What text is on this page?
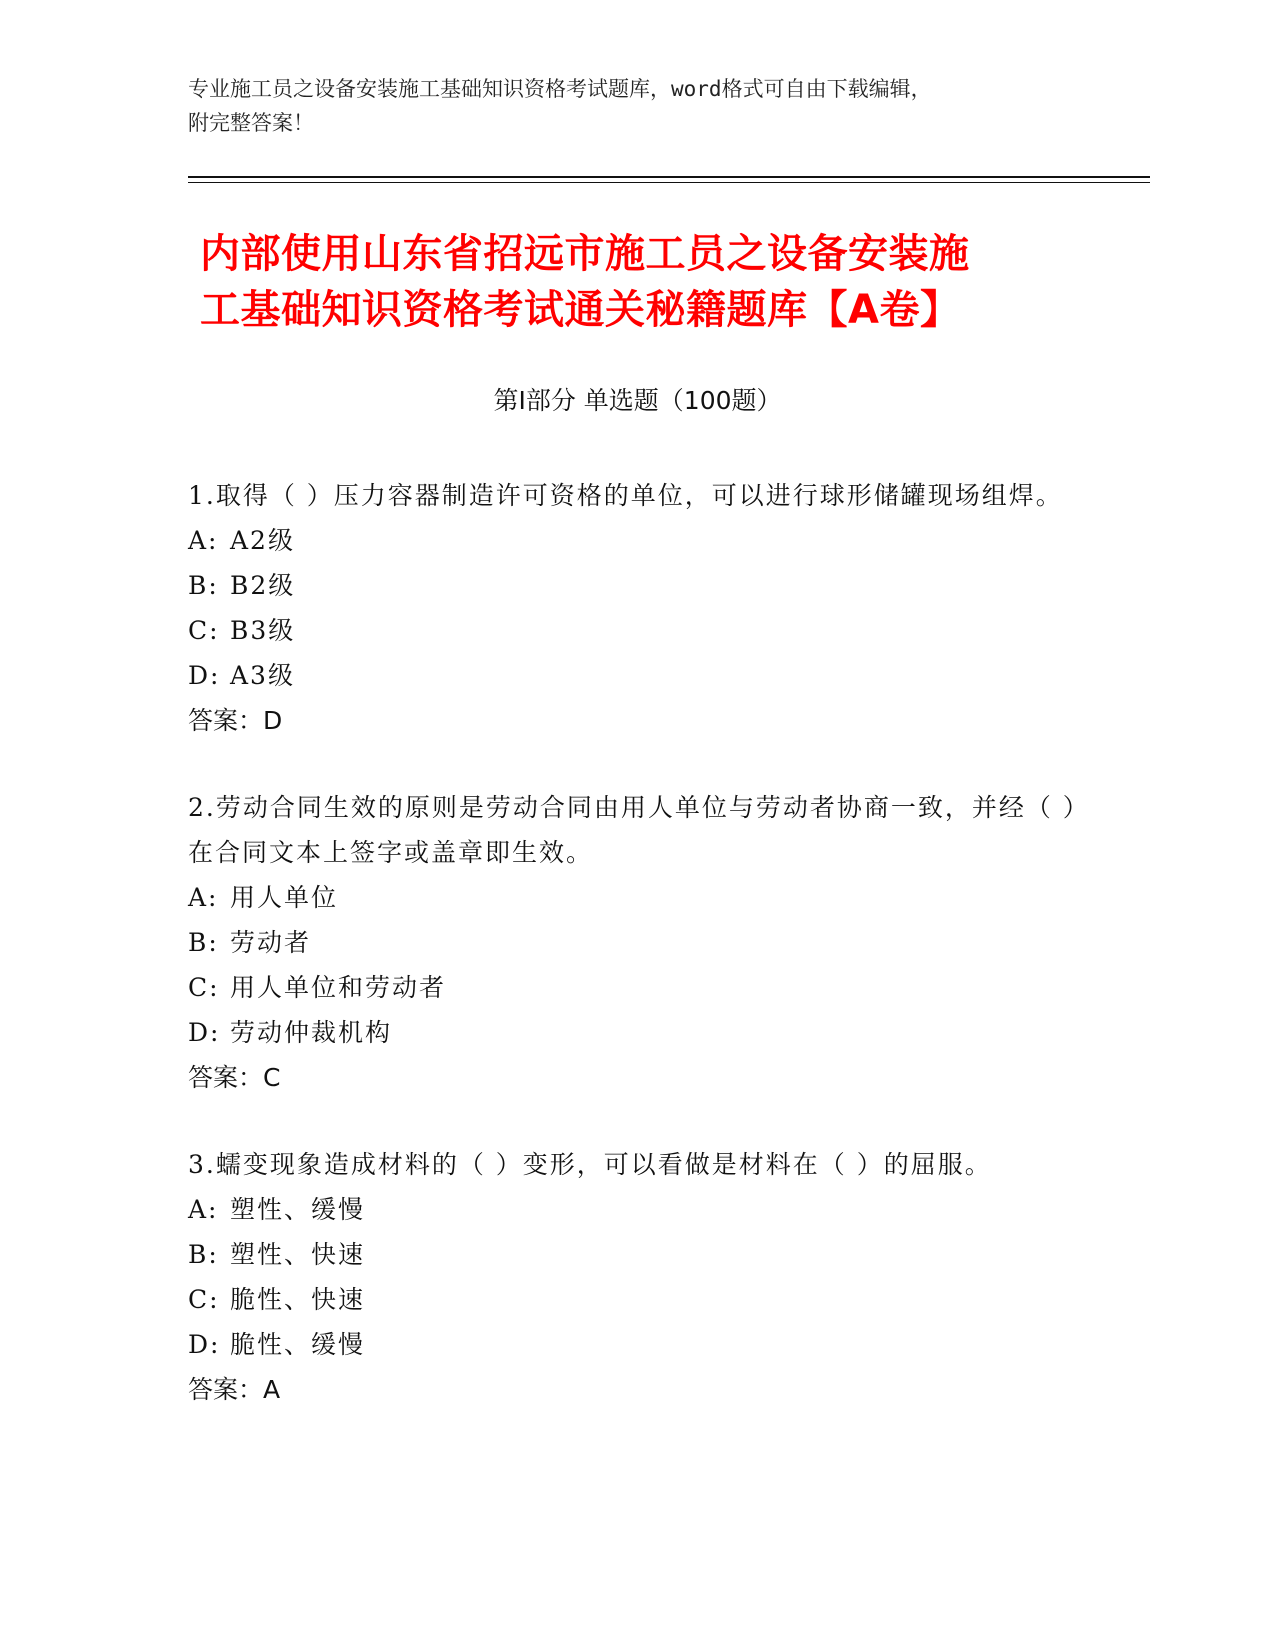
专业施工员之设备安装施工基础知识资格考试题库，word格式可自由下载编辑，
附完整答案！
内部使用山东省招远市施工员之设备安装施
工基础知识资格考试通关秘籍题库【A卷】
第Ⅰ部分 单选题（100题）
1.取得（ ）压力容器制造许可资格的单位，可以进行球形储罐现场组焊。
A: A2级
B: B2级
C: B3级
D: A3级
答案：D
2.劳动合同生效的原则是劳动合同由用人单位与劳动者协商一致，并经（ ）在合同文本上签字或盖章即生效。
A: 用人单位
B: 劳动者
C: 用人单位和劳动者
D: 劳动仲裁机构
答案：C
3.蠕变现象造成材料的（ ）变形，可以看做是材料在（ ）的屈服。
A: 塑性、缓慢
B: 塑性、快速
C: 脆性、快速
D: 脆性、缓慢
答案：A
